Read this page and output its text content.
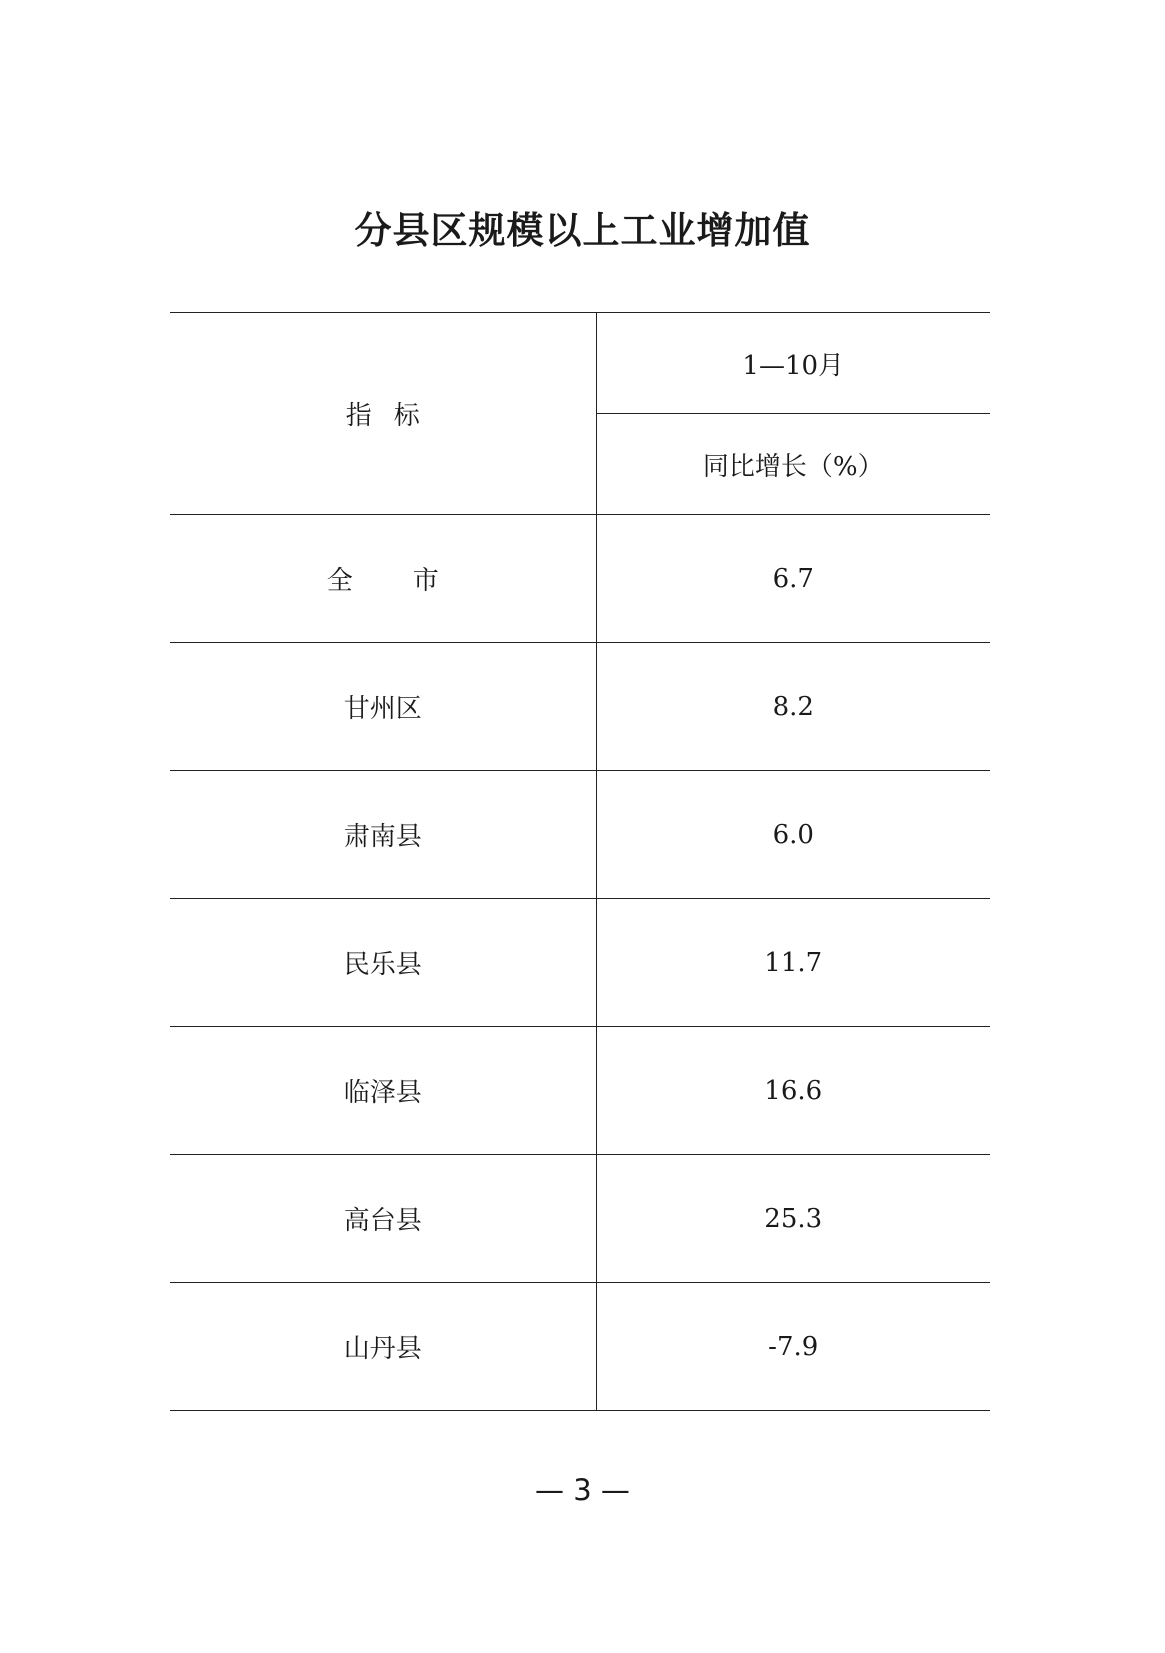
分县区规模以上工业增加值
指标	1—10月
	同比增长（%）
全市	6.7
甘州区	8.2
肃南县	6.0
民乐县	11.7
临泽县	16.6
高台县	25.3
山丹县	-7.9
— 3 —
